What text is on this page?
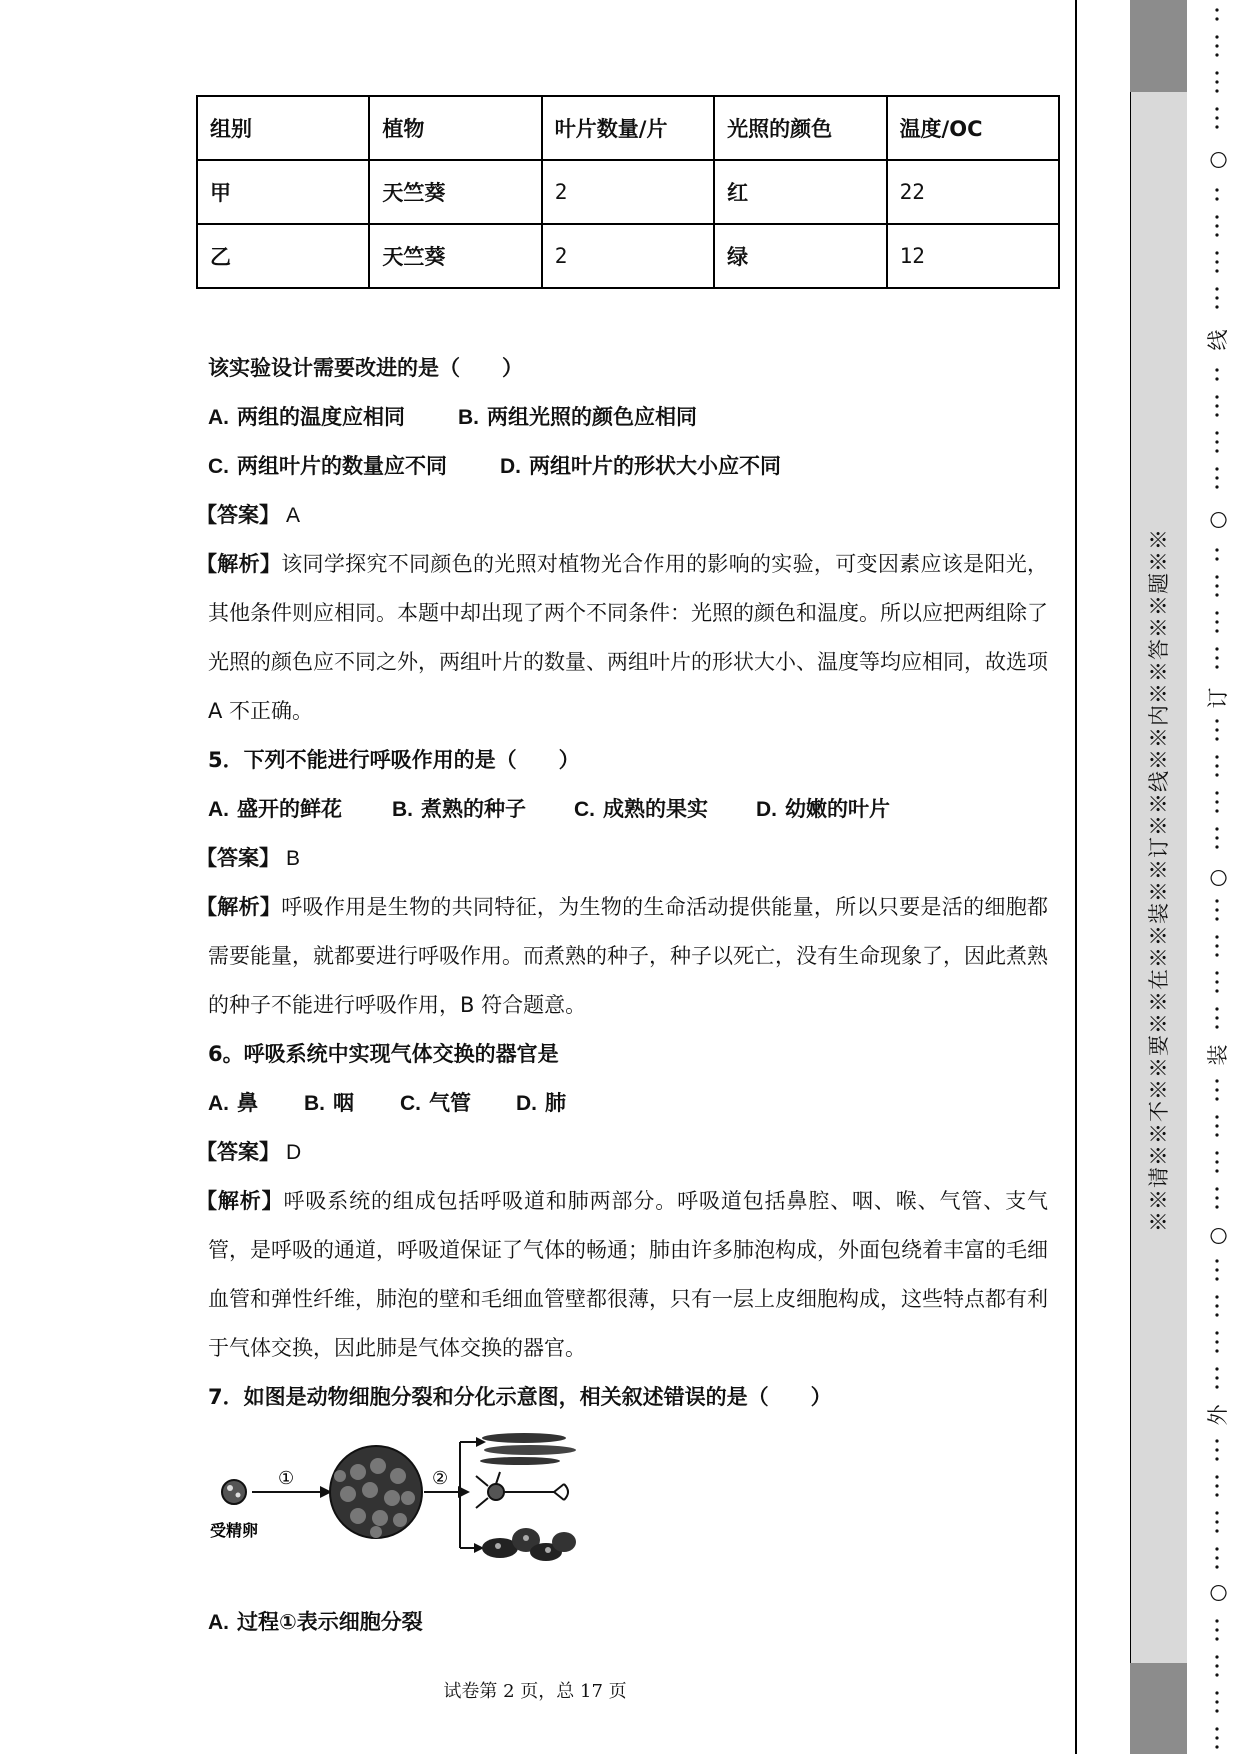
组别	植物	叶片数量/片	光照的颜色	温度/OC
甲	天竺葵	2	红	22
乙	天竺葵	2	绿	12
该实验设计需要改进的是（　　）
A. 两组的温度应相同	B. 两组光照的颜色应相同
C. 两组叶片的数量应不同	D. 两组叶片的形状大小应不同
【答案】 A
【解析】该同学探究不同颜色的光照对植物光合作用的影响的实验，可变因素应该是阳光，其他条件则应相同。本题中却出现了两个不同条件：光照的颜色和温度。所以应把两组除了光照的颜色应不同之外，两组叶片的数量、两组叶片的形状大小、温度等均应相同，故选项 A 不正确。
5．下列不能进行呼吸作用的是（　　）
A. 盛开的鲜花 B. 煮熟的种子 C. 成熟的果实 D. 幼嫩的叶片
【答案】 B
【解析】呼吸作用是生物的共同特征，为生物的生命活动提供能量，所以只要是活的细胞都需要能量，就都要进行呼吸作用。而煮熟的种子，种子以死亡，没有生命现象了，因此煮熟的种子不能进行呼吸作用，B 符合题意。
6。呼吸系统中实现气体交换的器官是
A. 鼻 B. 咽 C. 气管 D. 肺
【答案】 D
【解析】呼吸系统的组成包括呼吸道和肺两部分。呼吸道包括鼻腔、咽、喉、气管、支气管，是呼吸的通道，呼吸道保证了气体的畅通；肺由许多肺泡构成，外面包绕着丰富的毛细血管和弹性纤维，肺泡的壁和毛细血管壁都很薄，只有一层上皮细胞构成，这些特点都有利于气体交换，因此肺是气体交换的器官。
7．如图是动物细胞分裂和分化示意图，相关叙述错误的是（　　）
受精卵
①	②
A. 过程①表示细胞分裂
试卷第 2 页，总 17 页
※※请※※不※※要※※在※※装※※订※※线※※内※※答※※题※※
○
线
○
订
○
装
○
外
○
